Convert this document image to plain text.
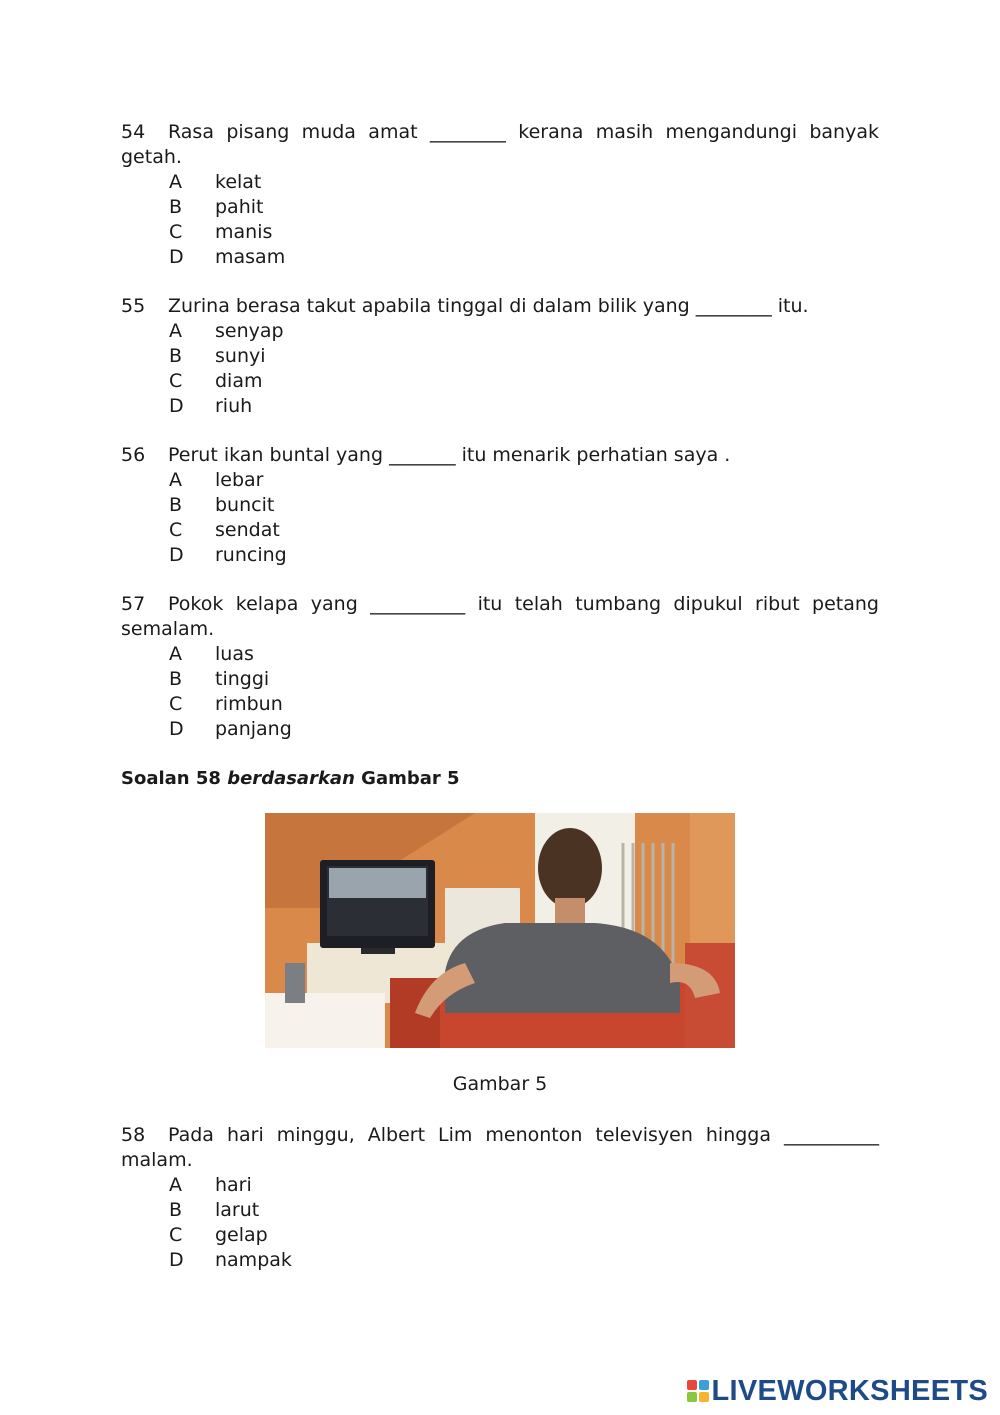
54 Rasa pisang muda amat ________ kerana masih mengandungi banyak getah.
A kelat
B pahit
C manis
D masam
55 Zurina berasa takut apabila tinggal di dalam bilik yang ________ itu.
A senyap
B sunyi
C diam
D riuh
56 Perut ikan buntal yang _______ itu menarik perhatian saya .
A lebar
B buncit
C sendat
D runcing
57 Pokok kelapa yang __________ itu telah tumbang dipukul ribut petang semalam.
A luas
B tinggi
C rimbun
D panjang
Soalan 58 berdasarkan Gambar 5
Gambar 5
58 Pada hari minggu, Albert Lim menonton televisyen hingga __________ malam.
A hari
B larut
C gelap
D nampak
LIVEWORKSHEETS
